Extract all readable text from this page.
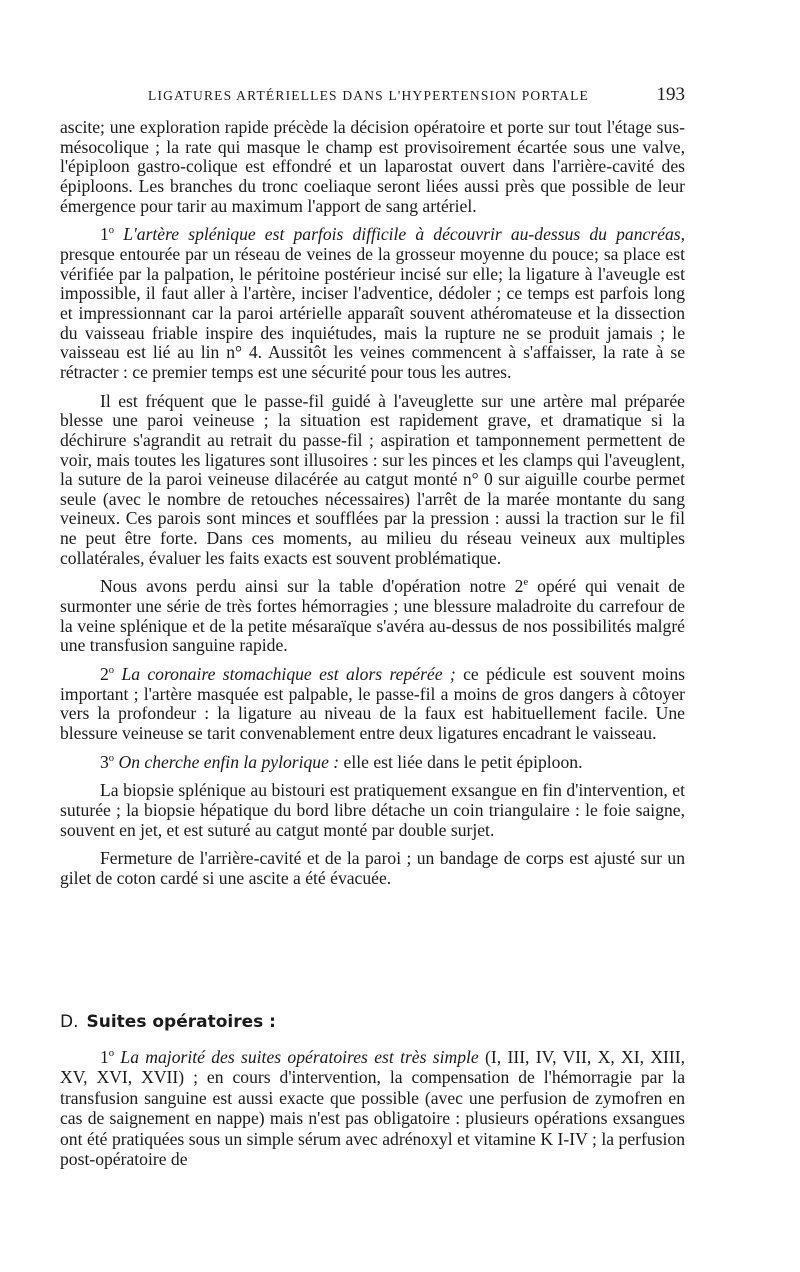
LIGATURES ARTÉRIELLES DANS L'HYPERTENSION PORTALE	193

ascite; une exploration rapide précède la décision opératoire et porte sur tout l'étage sus-mésocolique ; la rate qui masque le champ est provisoirement écartée sous une valve, l'épiploon gastro-colique est effondré et un laparostat ouvert dans l'arrière-cavité des épiploons. Les branches du tronc coeliaque seront liées aussi près que possible de leur émergence pour tarir au maximum l'apport de sang artériel.

1$^o$ L'artère splénique est parfois difficile à découvrir au-dessus du pancréas, presque entourée par un réseau de veines de la grosseur moyenne du pouce; sa place est vérifiée par la palpation, le péritoine postérieur incisé sur elle; la ligature à l'aveugle est impossible, il faut aller à l'artère, inciser l'adventice, dédoler ; ce temps est parfois long et impressionnant car la paroi artérielle apparaît souvent athéromateuse et la dissection du vaisseau friable inspire des inquiétudes, mais la rupture ne se produit jamais ; le vaisseau est lié au lin n° 4. Aussitôt les veines commencent à s'affaisser, la rate à se rétracter : ce premier temps est une sécurité pour tous les autres.

Il est fréquent que le passe-fil guidé à l'aveuglette sur une artère mal préparée blesse une paroi veineuse ; la situation est rapidement grave, et dramatique si la déchirure s'agrandit au retrait du passe-fil ; aspiration et tamponnement permettent de voir, mais toutes les ligatures sont illusoires : sur les pinces et les clamps qui l'aveuglent, la suture de la paroi veineuse dilacérée au catgut monté n° 0 sur aiguille courbe permet seule (avec le nombre de retouches nécessaires) l'arrêt de la marée montante du sang veineux. Ces parois sont minces et soufflées par la pression : aussi la traction sur le fil ne peut être forte. Dans ces moments, au milieu du réseau veineux aux multiples collatérales, évaluer les faits exacts est souvent problématique.

Nous avons perdu ainsi sur la table d'opération notre 2e opéré qui venait de surmonter une série de très fortes hémorragies ; une blessure maladroite du carrefour de la veine splénique et de la petite mésaraïque s'avéra au-dessus de nos possibilités malgré une transfusion sanguine rapide.

2$^o$ La coronaire stomachique est alors repérée ; ce pédicule est souvent moins important ; l'artère masquée est palpable, le passe-fil a moins de gros dangers à côtoyer vers la profondeur : la ligature au niveau de la faux est habituellement facile. Une blessure veineuse se tarit convenablement entre deux ligatures encadrant le vaisseau.

3$^o$ On cherche enfin la pylorique : elle est liée dans le petit épiploon.

La biopsie splénique au bistouri est pratiquement exsangue en fin d'intervention, et suturée ; la biopsie hépatique du bord libre détache un coin triangulaire : le foie saigne, souvent en jet, et est suturé au catgut monté par double surjet.

Fermeture de l'arrière-cavité et de la paroi ; un bandage de corps est ajusté sur un gilet de coton cardé si une ascite a été évacuée.

D. Suites opératoires :

1$^o$ La majorité des suites opératoires est très simple (I, III, IV, VII, X, XI, XIII, XV, XVI, XVII) ; en cours d'intervention, la compensation de l'hémorragie par la transfusion sanguine est aussi exacte que possible (avec une perfusion de zymofren en cas de saignement en nappe) mais n'est pas obligatoire : plusieurs opérations exsangues ont été pratiquées sous un simple sérum avec adrénoxyl et vitamine K I-IV ; la perfusion post-opératoire de
